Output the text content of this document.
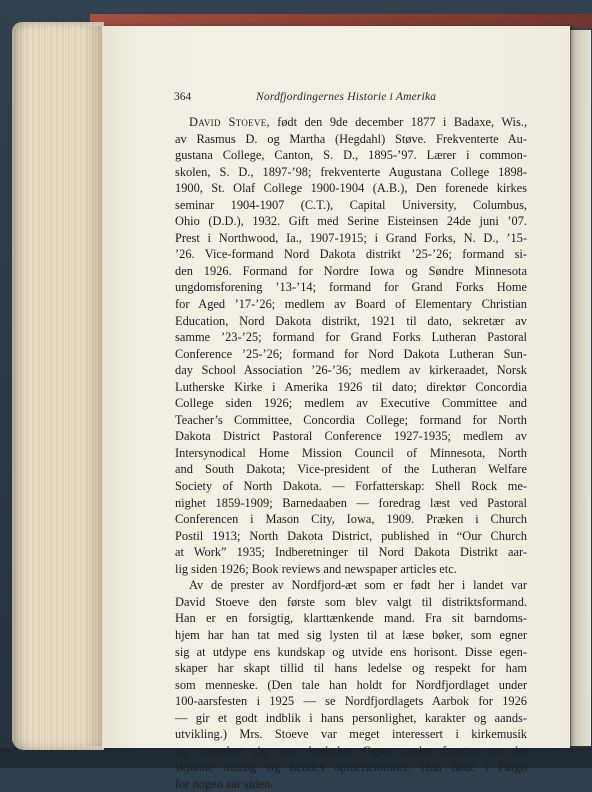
364	Nordfjordingernes Historie i Amerika
David Stoeve, født den 9de december 1877 i Badaxe, Wis.,
av Rasmus D. og Martha (Hegdahl) Støve. Frekventerte Au-
gustana College, Canton, S. D., 1895-’97. Lærer i common-
skolen, S. D., 1897-’98; frekventerte Augustana College 1898-
1900, St. Olaf College 1900-1904 (A.B.), Den forenede kirkes
seminar 1904-1907 (C.T.), Capital University, Columbus,
Ohio (D.D.), 1932. Gift med Serine Eisteinsen 24de juni ’07.
Prest i Northwood, Ia., 1907-1915; i Grand Forks, N. D., ’15-
’26. Vice-formand Nord Dakota distrikt ’25-’26; formand si-
den 1926. Formand for Nordre Iowa og Søndre Minnesota
ungdomsforening ’13-’14; formand for Grand Forks Home
for Aged ’17-’26; medlem av Board of Elementary Christian
Education, Nord Dakota distrikt, 1921 til dato, sekretær av
samme ’23-’25; formand for Grand Forks Lutheran Pastoral
Conference ’25-’26; formand for Nord Dakota Lutheran Sun-
day School Association ’26-’36; medlem av kirkeraadet, Norsk
Lutherske Kirke i Amerika 1926 til dato; direktør Concordia
College siden 1926; medlem av Executive Committee and
Teacher’s Committee, Concordia College; formand for North
Dakota District Pastoral Conference 1927-1935; medlem av
Intersynodical Home Mission Council of Minnesota, North
and South Dakota; Vice-president of the Lutheran Welfare
Society of North Dakota. — Forfatterskap: Shell Rock me-
nighet 1859-1909; Barnedaaben — foredrag læst ved Pastoral
Conferencen i Mason City, Iowa, 1909. Præken i Church
Postil 1913; North Dakota District, published in “Our Church
at Work” 1935; Indberetninger til Nord Dakota Distrikt aar-
lig siden 1926; Book reviews and newspaper articles etc.
Av de prester av Nordfjord-æt som er født her i landet var
David Stoeve den første som blev valgt til distriktsformand.
Han er en forsigtig, klarttænkende mand. Fra sit barndoms-
hjem har han tat med sig lysten til at læse bøker, som egner
sig at utdype ens kundskap og utvide ens horisont. Disse egen-
skaper har skapt tillid til hans ledelse og respekt for ham
som menneske. (Den tale han holdt for Nordfjordlaget under
100-aarsfesten i 1925 — se Nordfjordlagets Aarbok for 1926
— gir et godt indblik i hans personlighet, karakter og aands-
utvikling.) Mrs. Stoeve var meget interessert i kirkemusik
og utmerket sig som korleder. Ogsaa andre facetter av det
skjønne tildrog sig hendes opmerksomhet. Hun døde i Fargo
for nogen aar siden.
